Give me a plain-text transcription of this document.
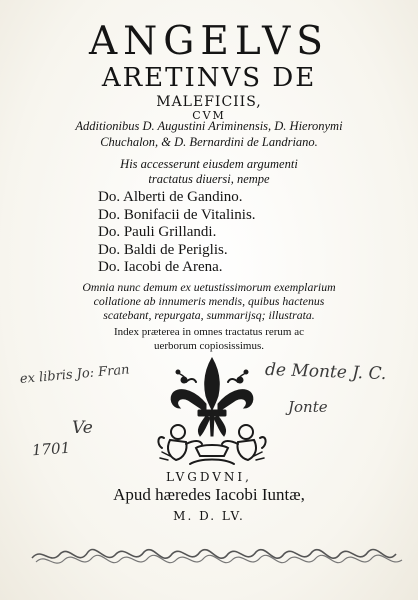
ANGELVS
ARETINVS DE
MALEFICIIS,
CVM
Additionibus D. Augustini Ariminensis, D. Hieronymi
Chuchalon, & D. Bernardini de Landriano.
His accesserunt eiusdem argumenti
tractatus diuersi, nempe
Do. Alberti de Gandino.
Do. Bonifacii de Vitalinis.
Do. Pauli Grillandi.
Do. Baldi de Periglis.
Do. Iacobi de Arena.
Omnia nunc demum ex uetustissimorum exemplarium
collatione ab innumeris mendis, quibus hactenus
scatebant, repurgata, summarijsq; illustrata.
Index præterea in omnes tractatus rerum ac
uerborum copiosissimus.
ex libris Jo: Fran	de Monte J. C.
Jonte
Ve
1701
LVGDVNI,
Apud hæredes Iacobi Iuntæ,
M. D. LV.
